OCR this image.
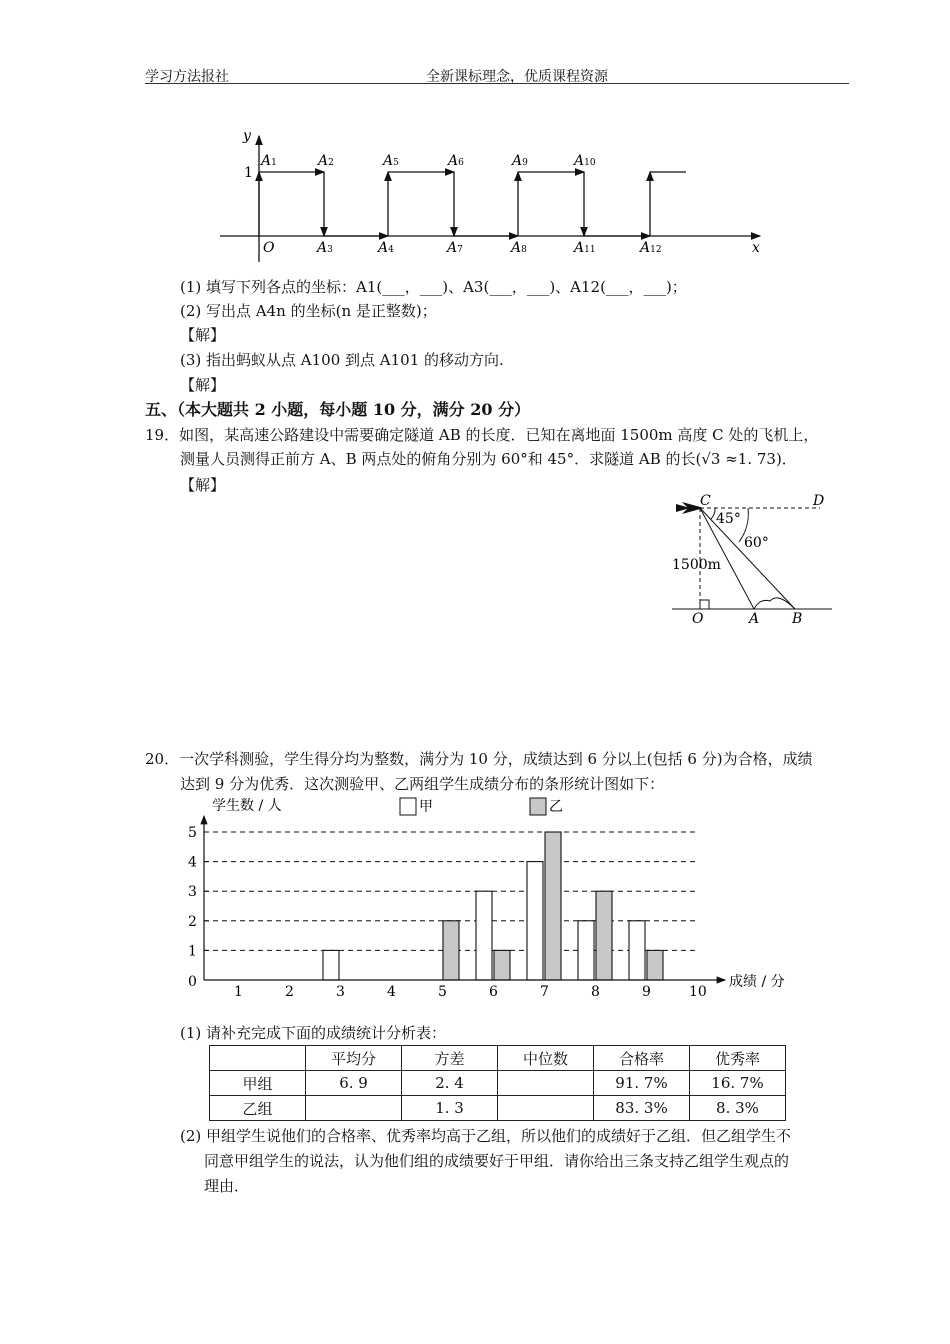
学习方法报社	全新课标理念，优质课程资源
y
x
O
1
A1	A2	A5	A6	A9	A10
A3	A4	A7	A8	A11	A12
(1) 填写下列各点的坐标：A1(___，___)、A3(___，___)、A12(___，___)；
(2) 写出点 A4n 的坐标(n 是正整数)；
【解】
(3) 指出蚂蚁从点 A100 到点 A101 的移动方向.
【解】
五、（本大题共 2 小题，每小题 10 分，满分 20 分）
19．如图，某高速公路建设中需要确定隧道 AB 的长度．已知在离地面 1500m 高度 C 处的飞机上，
测量人员测得正前方 A、B 两点处的俯角分别为 60°和 45°．求隧道 AB 的长(√3 ≈1. 73)．
【解】
C	D
45°
60°
1500m
O	A B
20．一次学科测验，学生得分均为整数，满分为 10 分，成绩达到 6 分以上(包括 6 分)为合格，成绩
达到 9 分为优秀．这次测验甲、乙两组学生成绩分布的条形统计图如下：
学生数 / 人	甲	乙
0
1
2
3
4
5
1	2	3	4	5	6	7	8	9	10
成绩 / 分
(1) 请补充完成下面的成绩统计分析表：
	平均分	方差	中位数	合格率	优秀率
甲组	6. 9	2. 4		91. 7%	16. 7%
乙组		1. 3		83. 3%	8. 3%
(2) 甲组学生说他们的合格率、优秀率均高于乙组，所以他们的成绩好于乙组．但乙组学生不
同意甲组学生的说法，认为他们组的成绩要好于甲组．请你给出三条支持乙组学生观点的
理由．
